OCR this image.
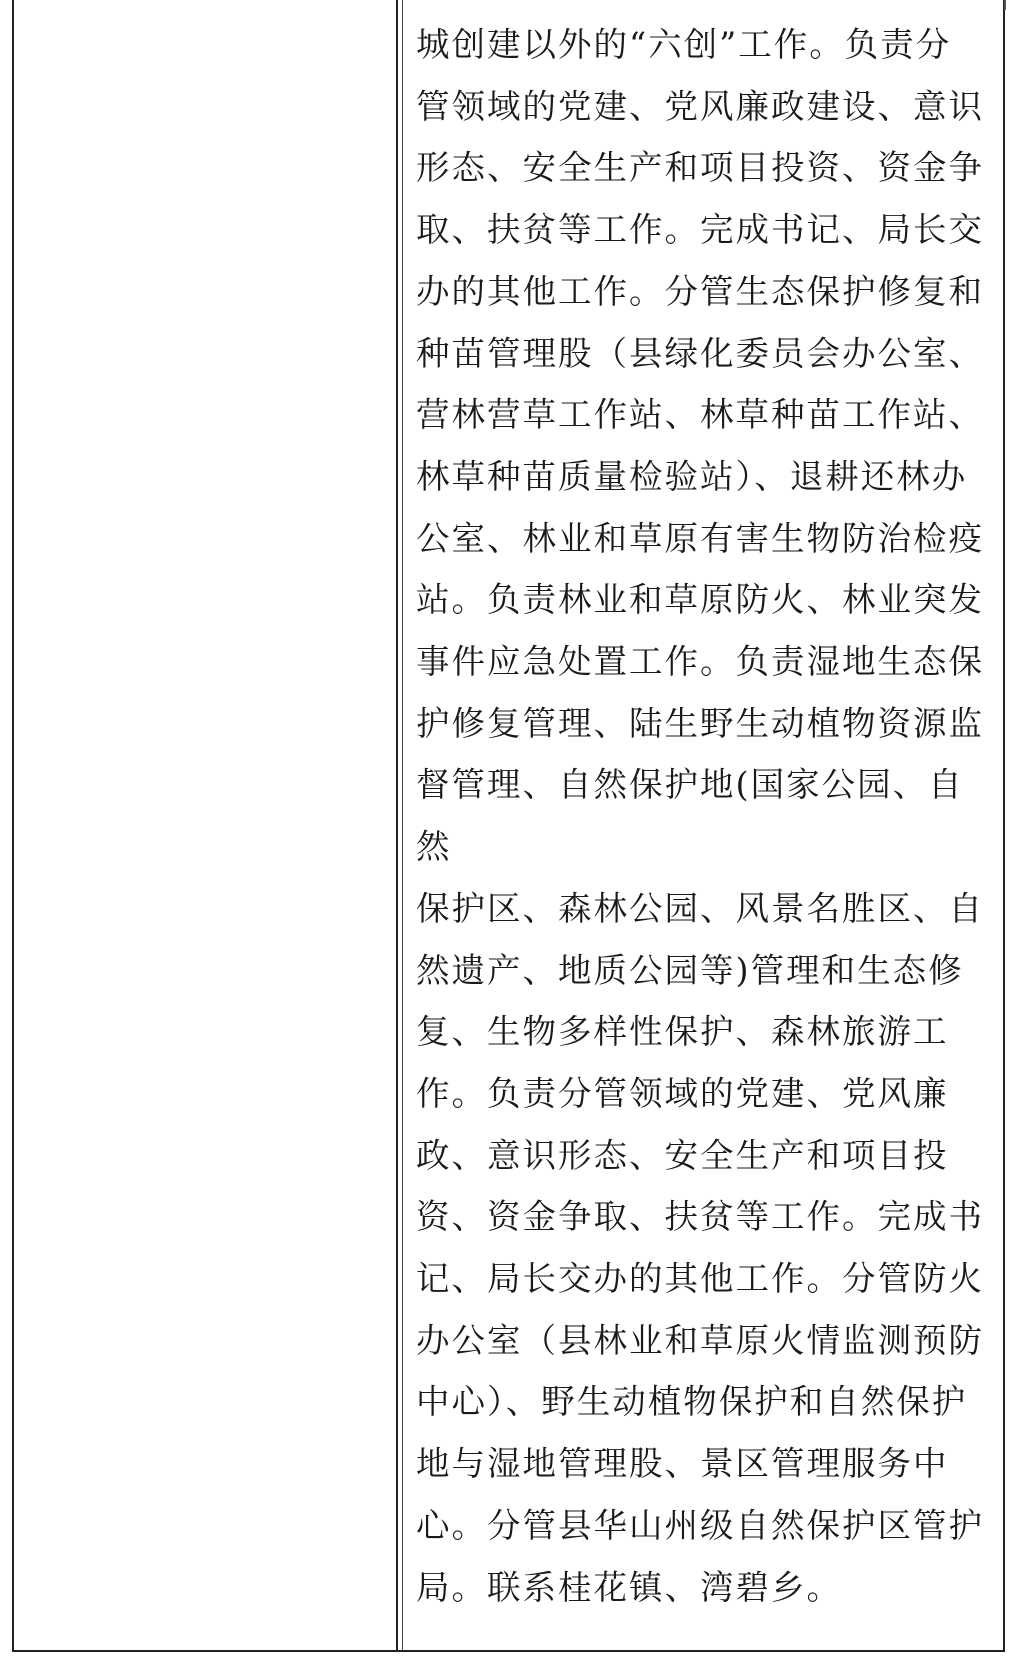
城创建以外的“六创”工作。负责分
管领域的党建、党风廉政建设、意识
形态、安全生产和项目投资、资金争
取、扶贫等工作。完成书记、局长交
办的其他工作。分管生态保护修复和
种苗管理股（县绿化委员会办公室、
营林营草工作站、林草种苗工作站、
林草种苗质量检验站）、退耕还林办
公室、林业和草原有害生物防治检疫
站。负责林业和草原防火、林业突发
事件应急处置工作。负责湿地生态保
护修复管理、陆生野生动植物资源监
督管理、自然保护地(国家公园、自然
保护区、森林公园、风景名胜区、自
然遗产、地质公园等)管理和生态修
复、生物多样性保护、森林旅游工
作。负责分管领域的党建、党风廉
政、意识形态、安全生产和项目投
资、资金争取、扶贫等工作。完成书
记、局长交办的其他工作。分管防火
办公室（县林业和草原火情监测预防
中心）、野生动植物保护和自然保护
地与湿地管理股、景区管理服务中
心。分管县华山州级自然保护区管护
局。联系桂花镇、湾碧乡。
